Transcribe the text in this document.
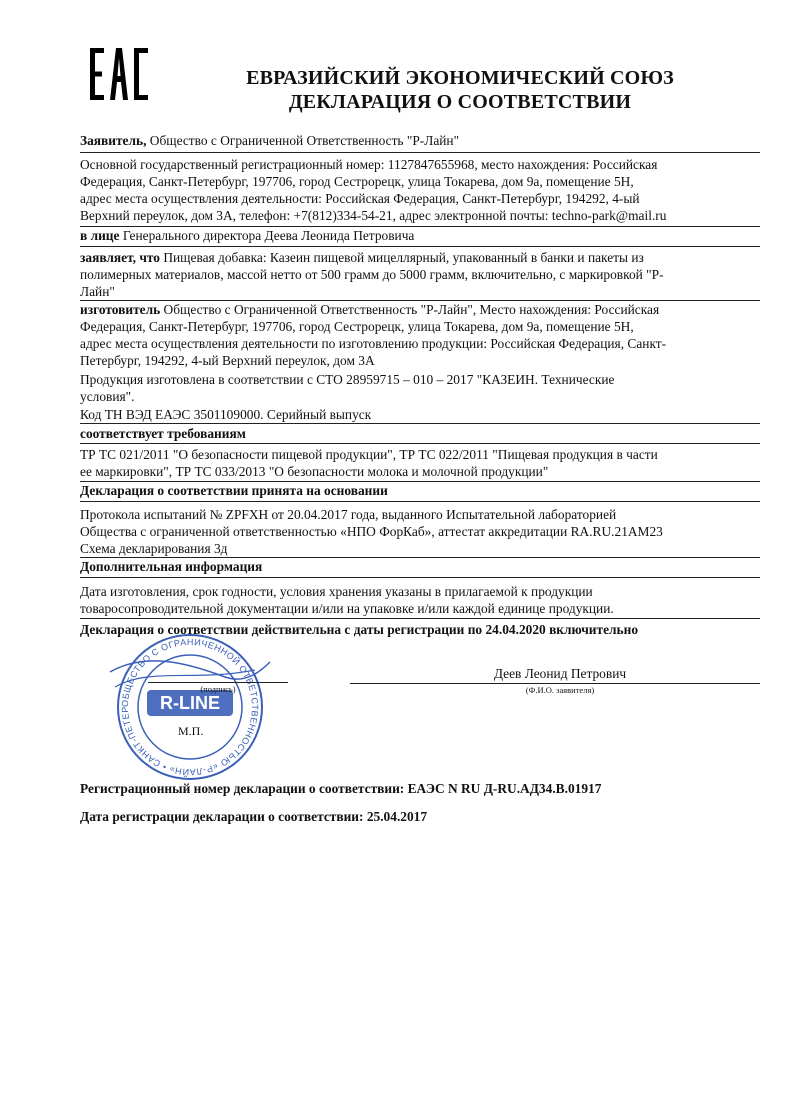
ЕВРАЗИЙСКИЙ ЭКОНОМИЧЕСКИЙ СОЮЗ
ДЕКЛАРАЦИЯ О СООТВЕТСТВИИ
Заявитель, Общество с Ограниченной Ответственность "Р-Лайн"
Основной государственный регистрационный номер: 1127847655968, место нахождения: Российская
Федерация, Санкт-Петербург, 197706, город Сестрорецк, улица Токарева, дом 9а, помещение 5Н,
адрес места осуществления деятельности: Российская Федерация, Санкт-Петербург, 194292, 4-ый
Верхний переулок, дом 3А, телефон: +7(812)334-54-21, адрес электронной почты: techno-park@mail.ru
в лице Генерального директора Деева Леонида Петровича
заявляет, что Пищевая добавка: Казеин пищевой мицеллярный, упакованный в банки и пакеты из
полимерных материалов, массой нетто от 500 грамм до 5000 грамм, включительно, с маркировкой "Р-
Лайн"
изготовитель Общество с Ограниченной Ответственность "Р-Лайн", Место нахождения: Российская
Федерация, Санкт-Петербург, 197706, город Сестрорецк, улица Токарева, дом 9а, помещение 5Н,
адрес места осуществления деятельности по изготовлению продукции: Российская Федерация, Санкт-
Петербург, 194292, 4-ый Верхний переулок, дом 3А
Продукция изготовлена в соответствии с СТО 28959715 – 010 – 2017 "КАЗЕИН. Технические
условия".
Код ТН ВЭД ЕАЭС 3501109000. Серийный выпуск
соответствует требованиям
ТР ТС 021/2011 "О безопасности пищевой продукции", ТР ТС 022/2011 "Пищевая продукция в части
ее маркировки", ТР ТС 033/2013 "О безопасности молока и молочной продукции"
Декларация о соответствии принята на основании
Протокола испытаний № ZPFXH от 20.04.2017 года, выданного Испытательной лабораторией
Общества с ограниченной ответственностью «НПО ФорКаб», аттестат аккредитации RA.RU.21AM23
Схема декларирования 3д
Дополнительная информация
Дата изготовления, срок годности, условия хранения указаны в прилагаемой к продукции
товаросопроводительной документации и/или на упаковке и/или каждой единице продукции.
Декларация о соответствии действительна с даты регистрации по 24.04.2020 включительно
ОБЩЕСТВО С ОГРАНИЧЕННОЙ ОТВЕТСТВЕННОСТЬЮ «Р-ЛАЙН» • САНКТ-ПЕТЕР	R-LINE
(подпись)
М.П.
Деев Леонид Петрович
(Ф.И.О. заявителя)
Регистрационный номер декларации о соответствии: ЕАЭС N RU Д-RU.АД34.В.01917
Дата регистрации декларации о соответствии: 25.04.2017
